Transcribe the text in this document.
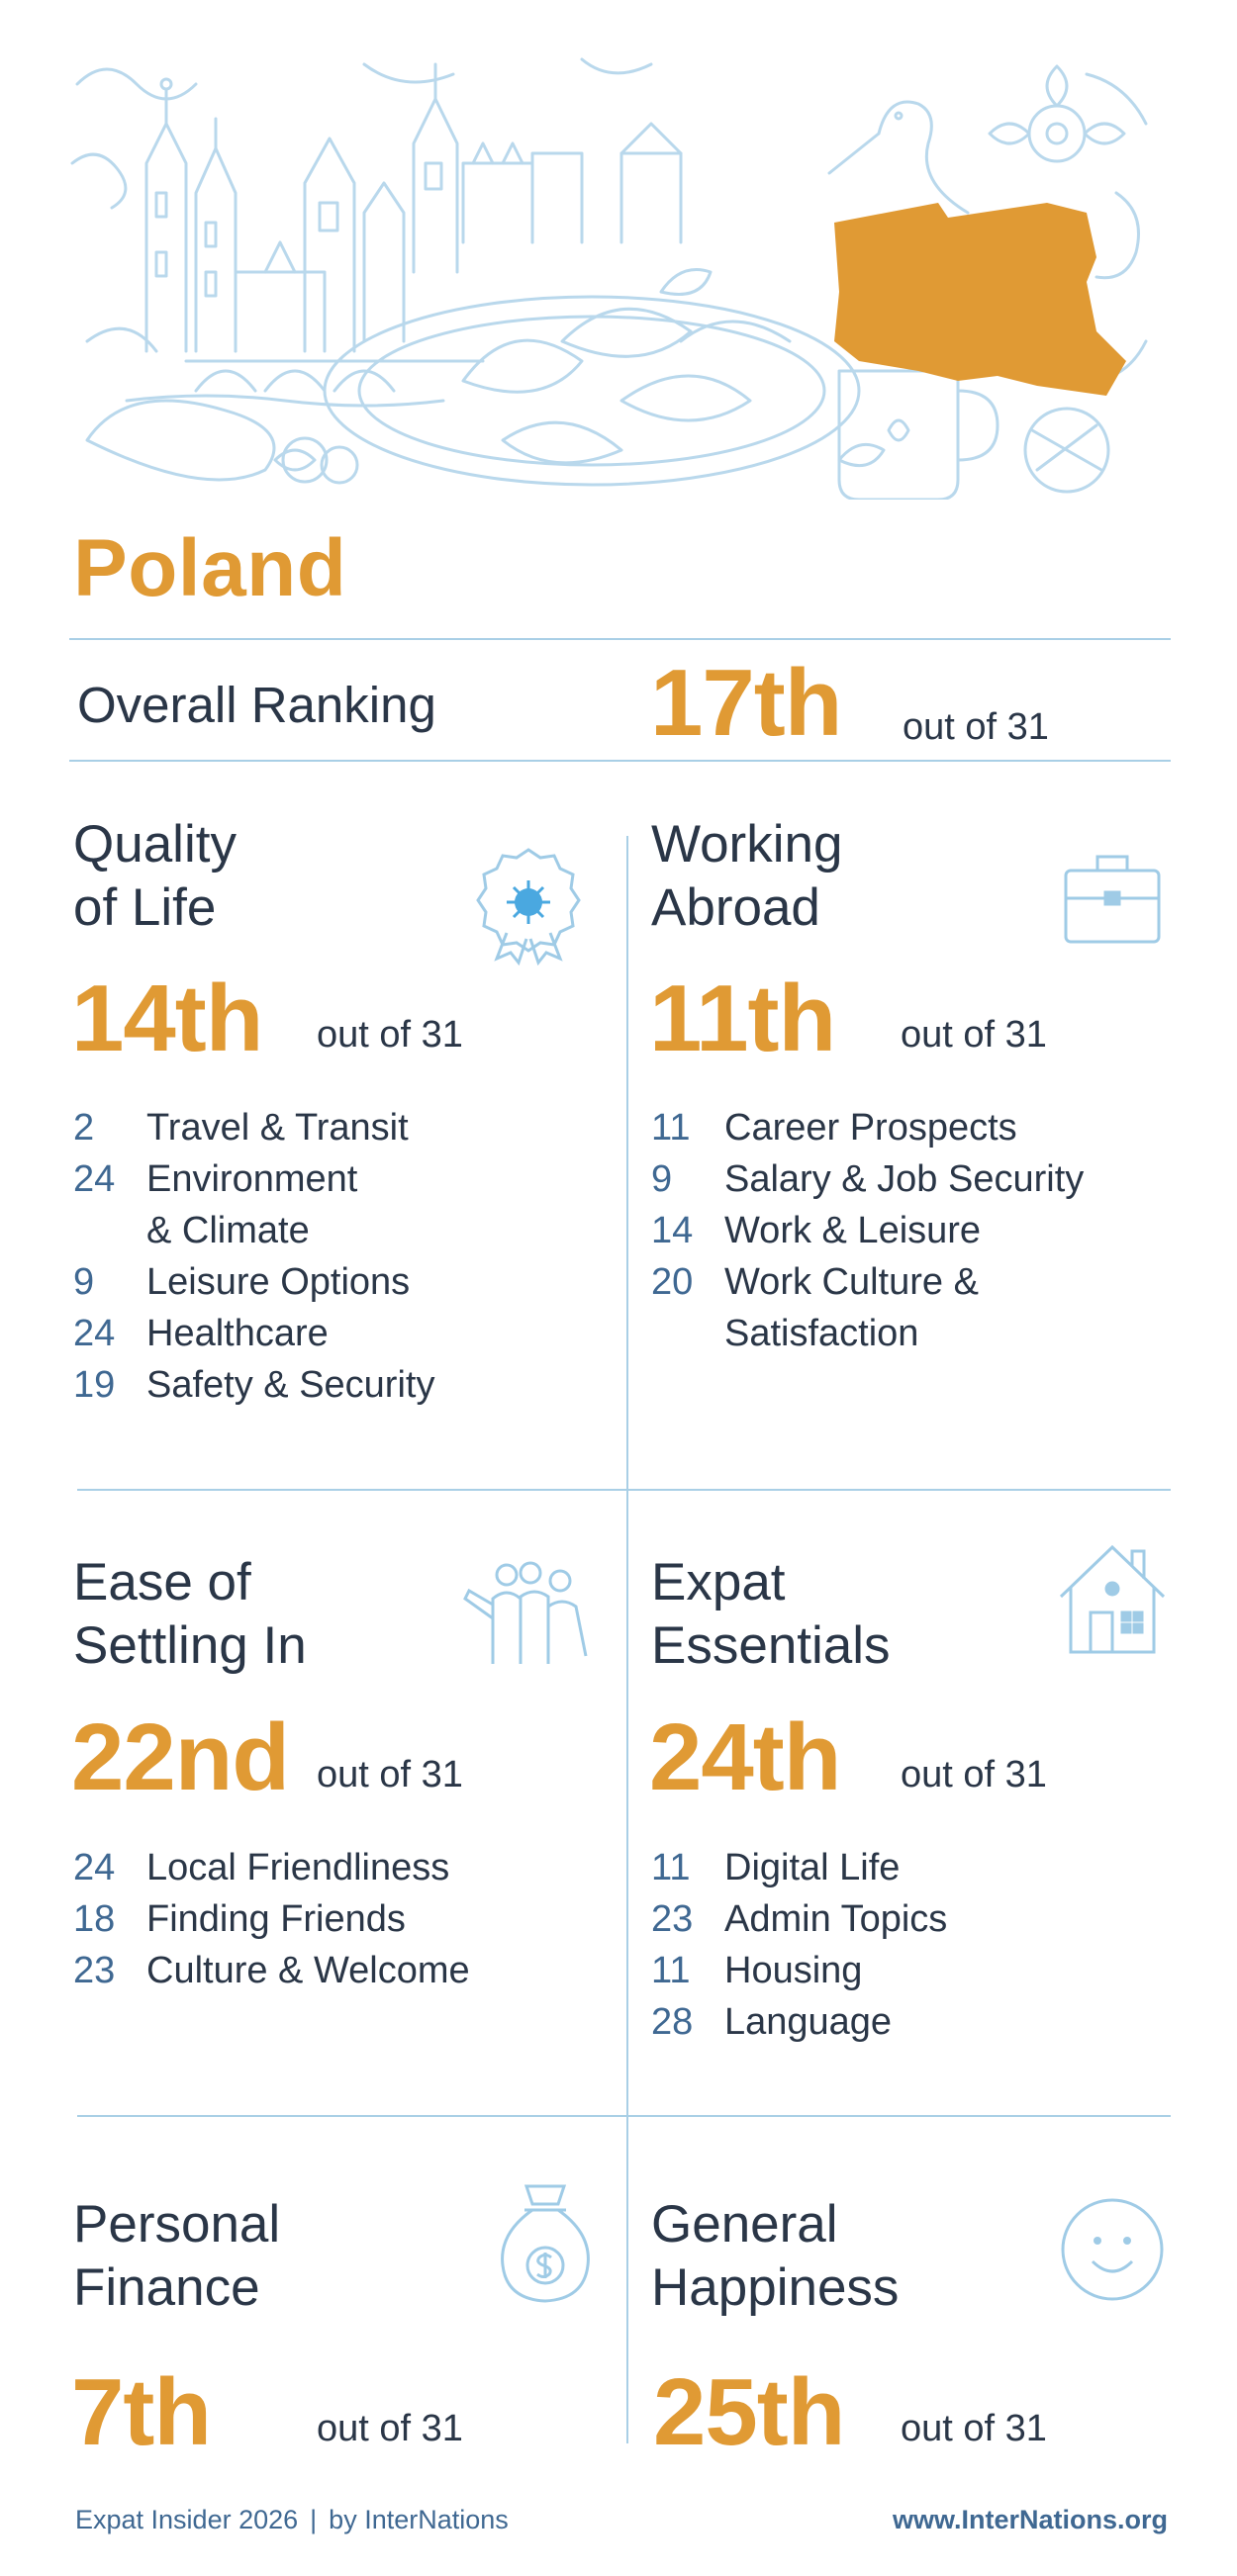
Poland
Overall Ranking 17th out of 31
Quality
of Life
14th out of 31
2	Travel & Transit
24 Environment
& Climate
9	Leisure Options
24 Healthcare
19 Safety & Security
Working
Abroad
11th out of 31
11 Career Prospects
9	Salary & Job Security
14 Work & Leisure
20 Work Culture &
Satisfaction
Ease of
Settling In
22nd out of 31
24 Local Friendliness
18 Finding Friends
23 Culture & Welcome
Expat
Essentials
24th out of 31
11 Digital Life
23 Admin Topics
11 Housing
28 Language
Personal
Finance
7th	out of 31
General
Happiness
25th out of 31
Expat Insider 2026 | by InterNations	www.InterNations.org
